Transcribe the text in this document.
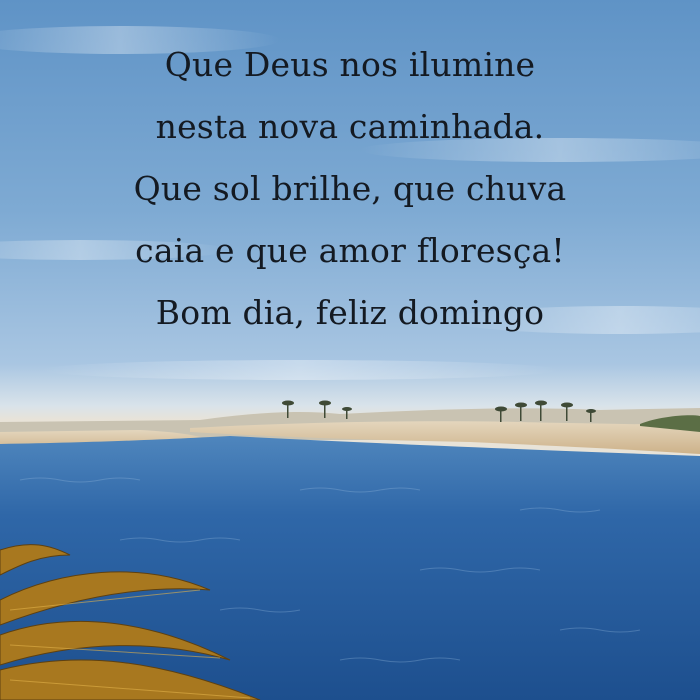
Que Deus nos ilumine
nesta nova caminhada.
Que sol brilhe, que chuva
caia e que amor floresça!
Bom dia, feliz domingo
